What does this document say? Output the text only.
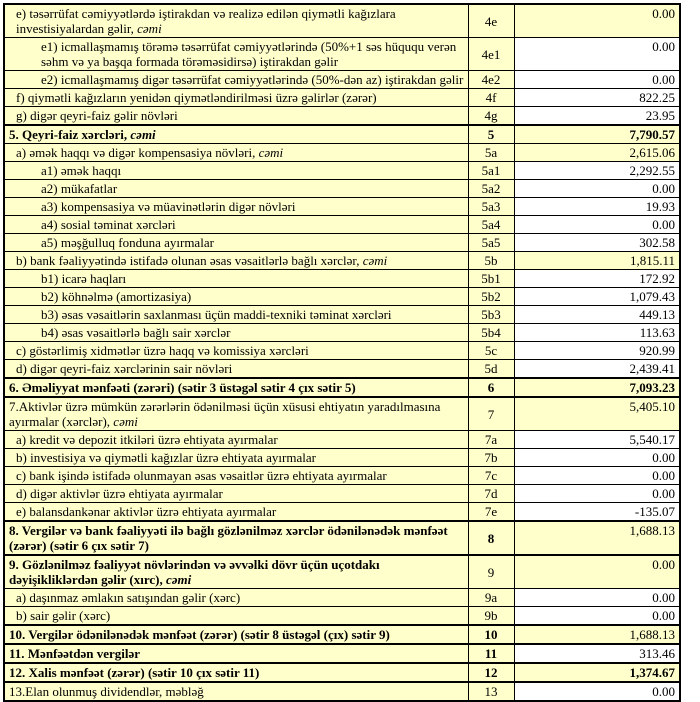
e) təsərrüfat cəmiyyətlərdə iştirakdan və realizə edilən qiymətli kağızlara investisiyalardan gəlir, cəmi	4e	0.00
e1) icmallaşmamış törəmə təsərrüfat cəmiyyətlərində (50%+1 səs hüququ verən səhm və ya başqa formada törəməsidirsə) iştirakdan gəlir	4e1	0.00
e2) icmallaşmamış digər təsərrüfat cəmiyyətlərində (50%-dən az) iştirakdan gəlir	4e2	0.00
f) qiymətli kağızların yenidən qiymətləndirilməsi üzrə gəlirlər (zərər)	4f	822.25
g) digər qeyri-faiz gəlir növləri	4g	23.95
5. Qeyri-faiz xərcləri, cəmi	5	7,790.57
a) əmək haqqı və digər kompensasiya növləri, cəmi	5a	2,615.06
a1) əmək haqqı	5a1	2,292.55
a2) mükafatlar	5a2	0.00
a3) kompensasiya və müavinətlərin digər növləri	5a3	19.93
a4) sosial təminat xərcləri	5a4	0.00
a5) məşğulluq fonduna ayırmalar	5a5	302.58
b) bank fəaliyyətində istifadə olunan əsas vəsaitlərlə bağlı xərclər, cəmi	5b	1,815.11
b1) icarə haqları	5b1	172.92
b2) köhnəlmə (amortizasiya)	5b2	1,079.43
b3) əsas vəsaitlərin saxlanması üçün maddi-texniki təminat xərcləri	5b3	449.13
b4) əsas vəsaitlərlə bağlı sair xərclər	5b4	113.63
c) göstərlimiş xidmətlər üzrə haqq və komissiya xərcləri	5c	920.99
d) digər qeyri-faiz xərclərinin sair növləri	5d	2,439.41
6. Əməliyyat mənfəəti (zərəri) (sətir 3 üstəgəl sətir 4 çıx sətir 5)	6	7,093.23
7.Aktivlər üzrə mümkün zərərlərin ödənilməsi üçün xüsusi ehtiyatın yaradılmasına ayırmalar (xərclər), cəmi	7	5,405.10
a) kredit və depozit itkiləri üzrə ehtiyata ayırmalar	7a	5,540.17
b) investisiya və qiymətli kağızlar üzrə ehtiyata ayırmalar	7b	0.00
c) bank işində istifadə olunmayan əsas vəsaitlər üzrə ehtiyata ayırmalar	7c	0.00
d) digər aktivlər üzrə ehtiyata ayırmalar	7d	0.00
e) balansdankənar aktivlər üzrə ehtiyata ayırmalar	7e	-135.07
8. Vergilər və bank fəaliyyəti ilə bağlı gözlənilməz xərclər ödənilənədək mənfəət (zərər) (sətir 6 çıx sətir 7)	8	1,688.13
9. Gözlənilməz fəaliyyət növlərindən və əvvəlki dövr üçün uçotdakı dəyişikliklərdən gəlir (xırc), cəmi	9	0.00
a) daşınmaz əmlakın satışından gəlir (xərc)	9a	0.00
b) sair gəlir (xərc)	9b	0.00
10. Vergilər ödənilənədək mənfəət (zərər) (sətir 8 üstəgəl (çıx) sətir 9)	10	1,688.13
11. Mənfəətdən vergilər	11	313.46
12. Xalis mənfəət (zərər) (sətir 10 çıx sətir 11)	12	1,374.67
13.Elan olunmuş dividendlər, məbləğ	13	0.00
